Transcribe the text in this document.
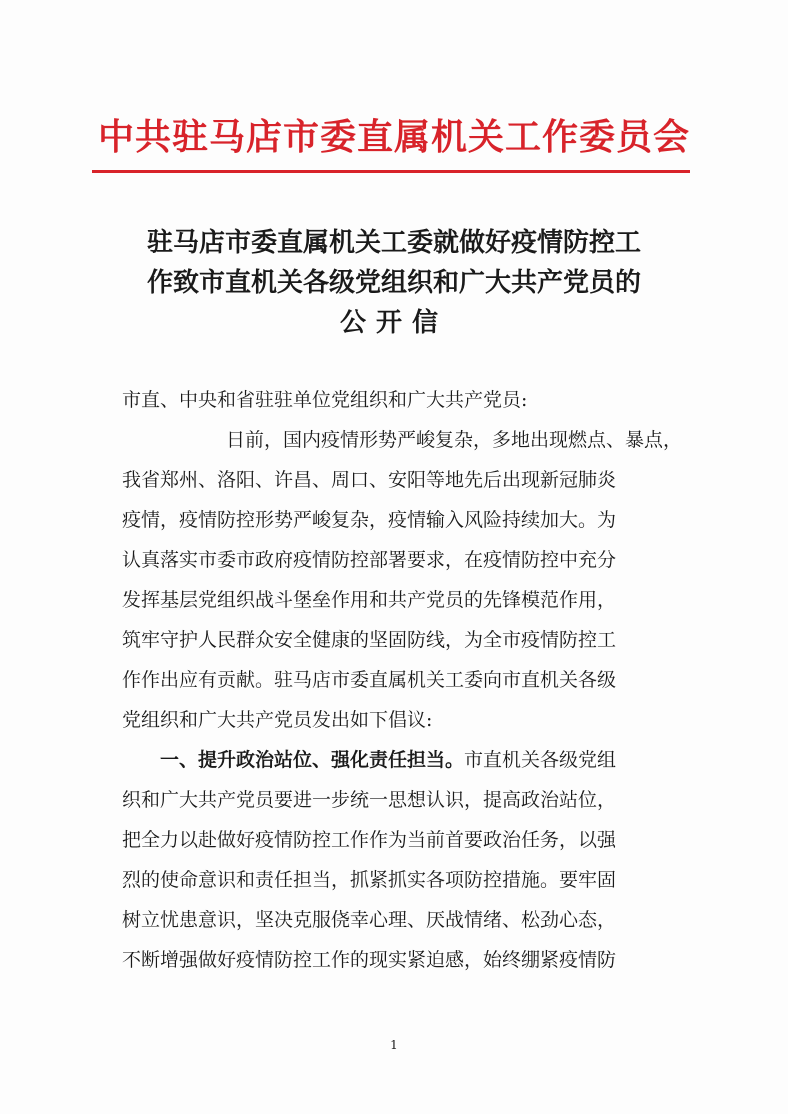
中共驻马店市委直属机关工作委员会
驻马店市委直属机关工委就做好疫情防控工
作致市直机关各级党组织和广大共产党员的
公开信
市直、中央和省驻驻单位党组织和广大共产党员:
日前，国内疫情形势严峻复杂，多地出现燃点、暴点，
我省郑州、洛阳、许昌、周口、安阳等地先后出现新冠肺炎
疫情，疫情防控形势严峻复杂，疫情输入风险持续加大。为
认真落实市委市政府疫情防控部署要求，在疫情防控中充分
发挥基层党组织战斗堡垒作用和共产党员的先锋模范作用，
筑牢守护人民群众安全健康的坚固防线，为全市疫情防控工
作作出应有贡献。驻马店市委直属机关工委向市直机关各级
党组织和广大共产党员发出如下倡议:
一、提升政治站位、强化责任担当。 市直机关各级党组
织和广大共产党员要进一步统一思想认识，提高政治站位，
把全力以赴做好疫情防控工作作为当前首要政治任务，以强
烈的使命意识和责任担当，抓紧抓实各项防控措施。要牢固
树立忧患意识，坚决克服侥幸心理、厌战情绪、松劲心态，
不断增强做好疫情防控工作的现实紧迫感，始终绷紧疫情防
1
